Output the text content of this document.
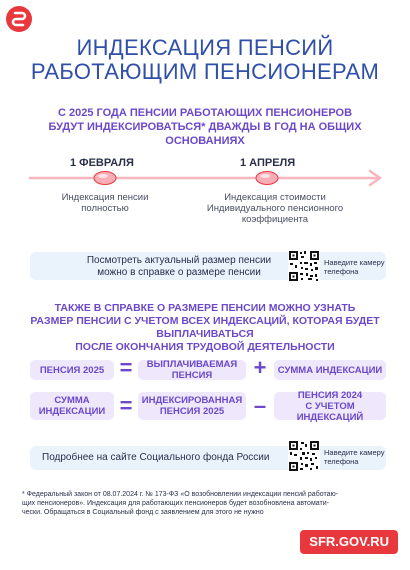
ИНДЕКСАЦИЯ ПЕНСИЙ
РАБОТАЮЩИМ ПЕНСИОНЕРАМ
С 2025 ГОДА ПЕНСИИ РАБОТАЮЩИХ ПЕНСИОНЕРОВ
БУДУТ ИНДЕКСИРОВАТЬСЯ* ДВАЖДЫ В ГОД НА ОБЩИХ ОСНОВАНИЯХ
1 ФЕВРАЛЯ	1 АПРЕЛЯ
Индексация пенсии
полностью
Индексация стоимости
Индивидуального пенсионного
коэффициента
Посмотреть актуальный размер пенсии
можно в справке о размере пенсии
Наведите камеру
телефона
ТАКЖЕ В СПРАВКЕ О РАЗМЕРЕ ПЕНСИИ МОЖНО УЗНАТЬ
РАЗМЕР ПЕНСИИ С УЧЕТОМ ВСЕХ ИНДЕКСАЦИЙ, КОТОРАЯ БУДЕТ ВЫПЛАЧИВАТЬСЯ
ПОСЛЕ ОКОНЧАНИЯ ТРУДОВОЙ ДЕЯТЕЛЬНОСТИ
ПЕНСИЯ 2025 =	ВЫПЛАЧИВАЕМАЯ ПЕНСИЯ	+	СУММА ИНДЕКСАЦИИ
СУММА
ИНДЕКСАЦИИ = ИНДЕКСИРОВАННАЯ
ПЕНСИЯ 2025	–	ПЕНСИЯ 2024
С УЧЕТОМ ИНДЕКСАЦИЙ
Подробнее на сайте Социального фонда России	Наведите камеру
телефона
* Федеральный закон от 08.07.2024 г. № 173-ФЗ «О возобновлении индексации пенсий работаю-
щих пенсионеров». Индексация для работающих пенсионеров будет возобновлена автомати-
чески. Обращаться в Социальный фонд с заявлением для этого не нужно
SFR.GOV.RU
